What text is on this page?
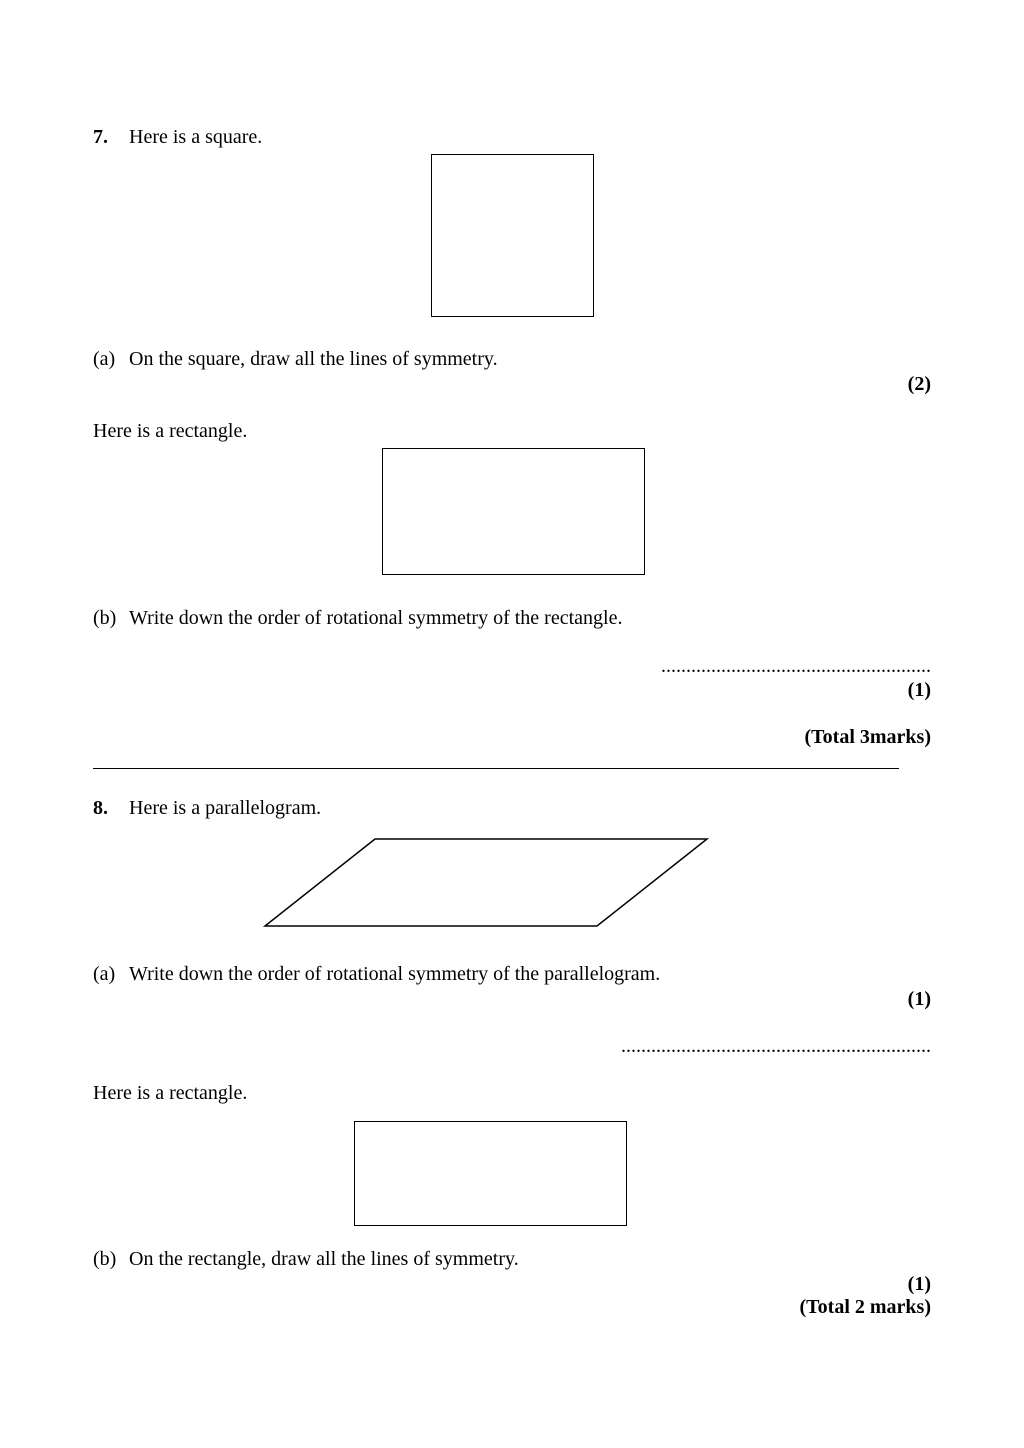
7. Here is a square.
(a) On the square, draw all the lines of symmetry.
(2)
Here is a rectangle.
(b) Write down the order of rotational symmetry of the rectangle.
......................................................
(1)
(Total 3marks)
8. Here is a parallelogram.
(a) Write down the order of rotational symmetry of the parallelogram.
(1)
..............................................................
Here is a rectangle.
(b) On the rectangle, draw all the lines of symmetry.
(1)
(Total 2 marks)
